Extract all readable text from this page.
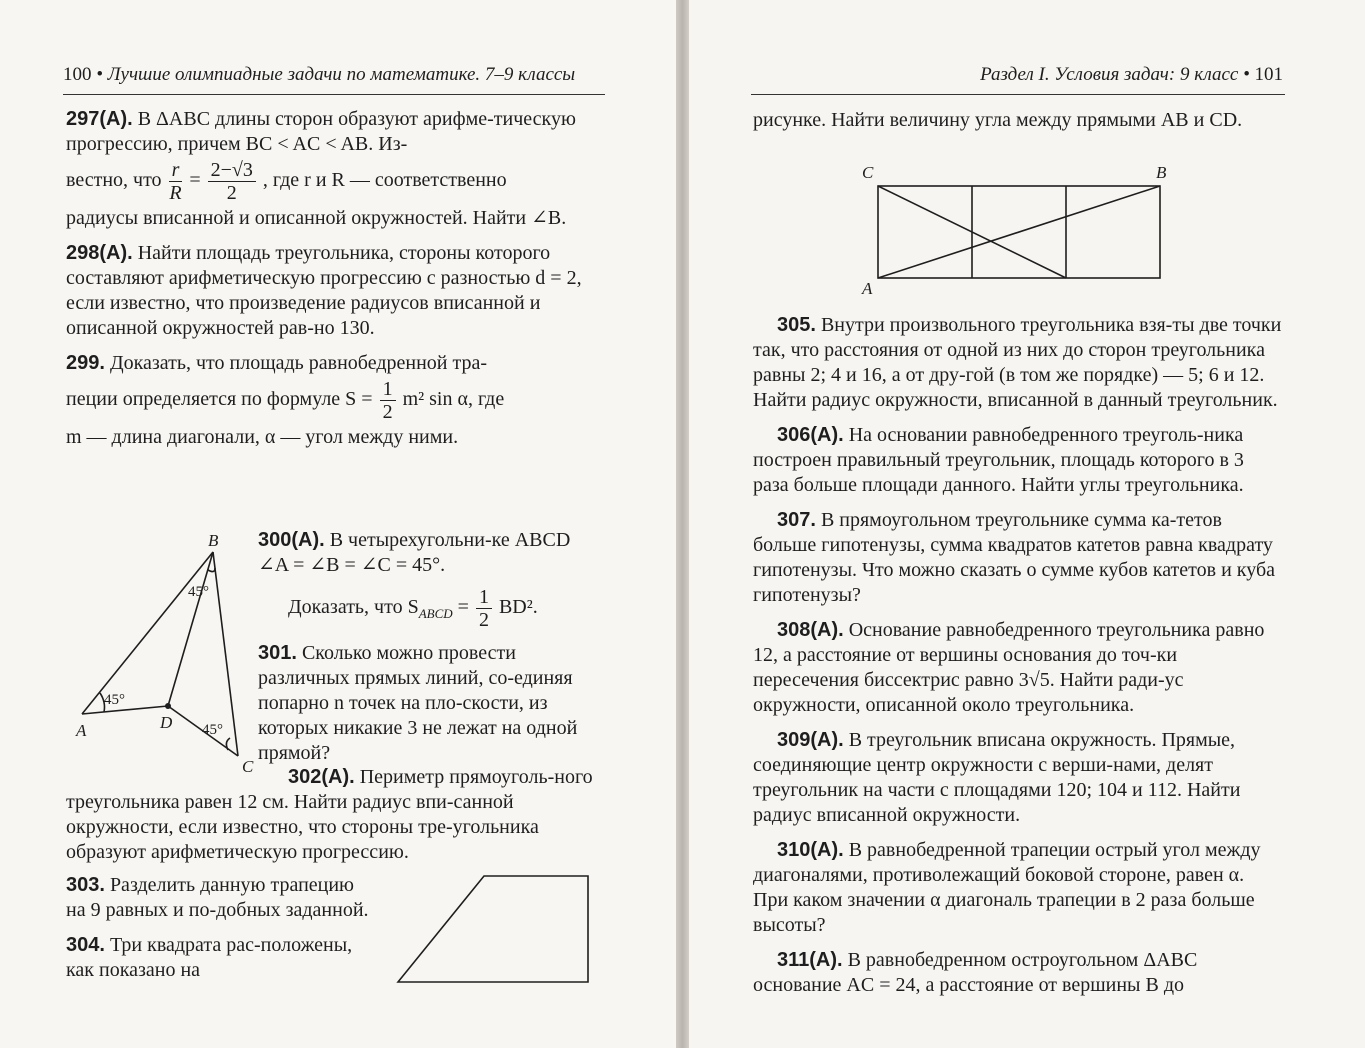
100 • Лучшие олимпиадные задачи по математике. 7–9 классы

297(А). В ΔABC длины сторон образуют арифме-тическую прогрессию, причем BC < AC < AB. Из-

вестно, что $\frac{r}{R} = \frac{2-√3}{2}$ , где r и R — соответственно

радиусы вписанной и описанной окружностей. Найти ∠B.

298(А). Найти площадь треугольника, стороны которого составляют арифметическую прогрессию с разностью d = 2, если известно, что произведение радиусов вписанной и описанной окружностей рав-но 130.

299. Доказать, что площадь равнобедренной тра-

пеции определяется по формуле $S = \frac{1}{2} m^2$ sin α, где

m — длина диагонали, α — угол между ними.

B
A
C
D
45°
45°
45°

300(А). В четырехугольни-ке ABCD ∠A = ∠B = ∠C = 45°.

Доказать, что $S_{ABCD} = \frac{1}{2} BD^2$.

301. Сколько можно провести различных прямых линий, со-единяя попарно n точек на пло-скости, из которых никакие 3 не лежат на одной прямой?

302(А). Периметр прямоуголь-ного треугольника равен 12 см. Найти радиус впи-санной окружности, если известно, что стороны тре-угольника образуют арифметическую прогрессию.

303. Разделить данную трапецию на 9 равных и по-добных заданной.

304. Три квадрата рас-положены, как показано на

Раздел I. Условия задач: 9 класс • 101

рисунке. Найти величину угла между прямыми AB и CD.

C	B
A

305. Внутри произвольного треугольника взя-ты две точки так, что расстояния от одной из них до сторон треугольника равны 2; 4 и 16, а от дру-гой (в том же порядке) — 5; 6 и 12. Найти радиус окружности, вписанной в данный треугольник.

306(А). На основании равнобедренного треуголь-ника построен правильный треугольник, площадь которого в 3 раза больше площади данного. Найти углы треугольника.

307. В прямоугольном треугольнике сумма ка-тетов больше гипотенузы, сумма квадратов катетов равна квадрату гипотенузы. Что можно сказать о сумме кубов катетов и куба гипотенузы?

308(А). Основание равнобедренного треугольника равно 12, а расстояние от вершины основания до точ-ки пересечения биссектрис равно 3√5. Найти ради-ус окружности, описанной около треугольника.

309(А). В треугольник вписана окружность. Прямые, соединяющие центр окружности с верши-нами, делят треугольник на части с площадями 120; 104 и 112. Найти радиус вписанной окружности.

310(А). В равнобедренной трапеции острый угол между диагоналями, противолежащий боковой стороне, равен α. При каком значении α диагональ трапеции в 2 раза больше высоты?

311(А). В равнобедренном остроугольном ΔABC основание AC = 24, а расстояние от вершины B до
